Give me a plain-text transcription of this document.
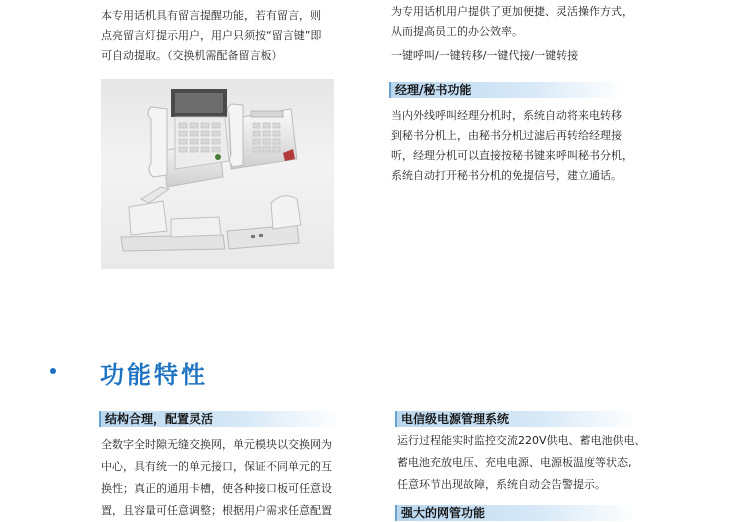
本专用话机具有留言提醒功能，若有留言，则
点亮留言灯提示用户，用户只须按“留言键”即
可自动提取。（交换机需配备留言板）
为专用话机用户提供了更加便捷、灵活操作方式，
从而提高员工的办公效率。
一键呼叫/一键转移/一键代接/一键转接
经理/秘书功能
当内外线呼叫经理分机时，系统自动将来电转移
到秘书分机上，由秘书分机过滤后再转给经理接
听，经理分机可以直接按秘书键来呼叫秘书分机，
系统自动打开秘书分机的免提信号，建立通话。
功能特性
结构合理，配置灵活
全数字全时隙无缝交换网，单元模块以交换网为
中心，具有统一的单元接口，保证不同单元的互
换性；真正的通用卡槽，使各种接口板可任意设
置，且容量可任意调整；根据用户需求任意配置
电信级电源管理系统
运行过程能实时监控交流220V供电、蓄电池供电、
蓄电池充放电压、充电电源、电源板温度等状态,
任意环节出现故障，系统自动会告警提示。
强大的网管功能
